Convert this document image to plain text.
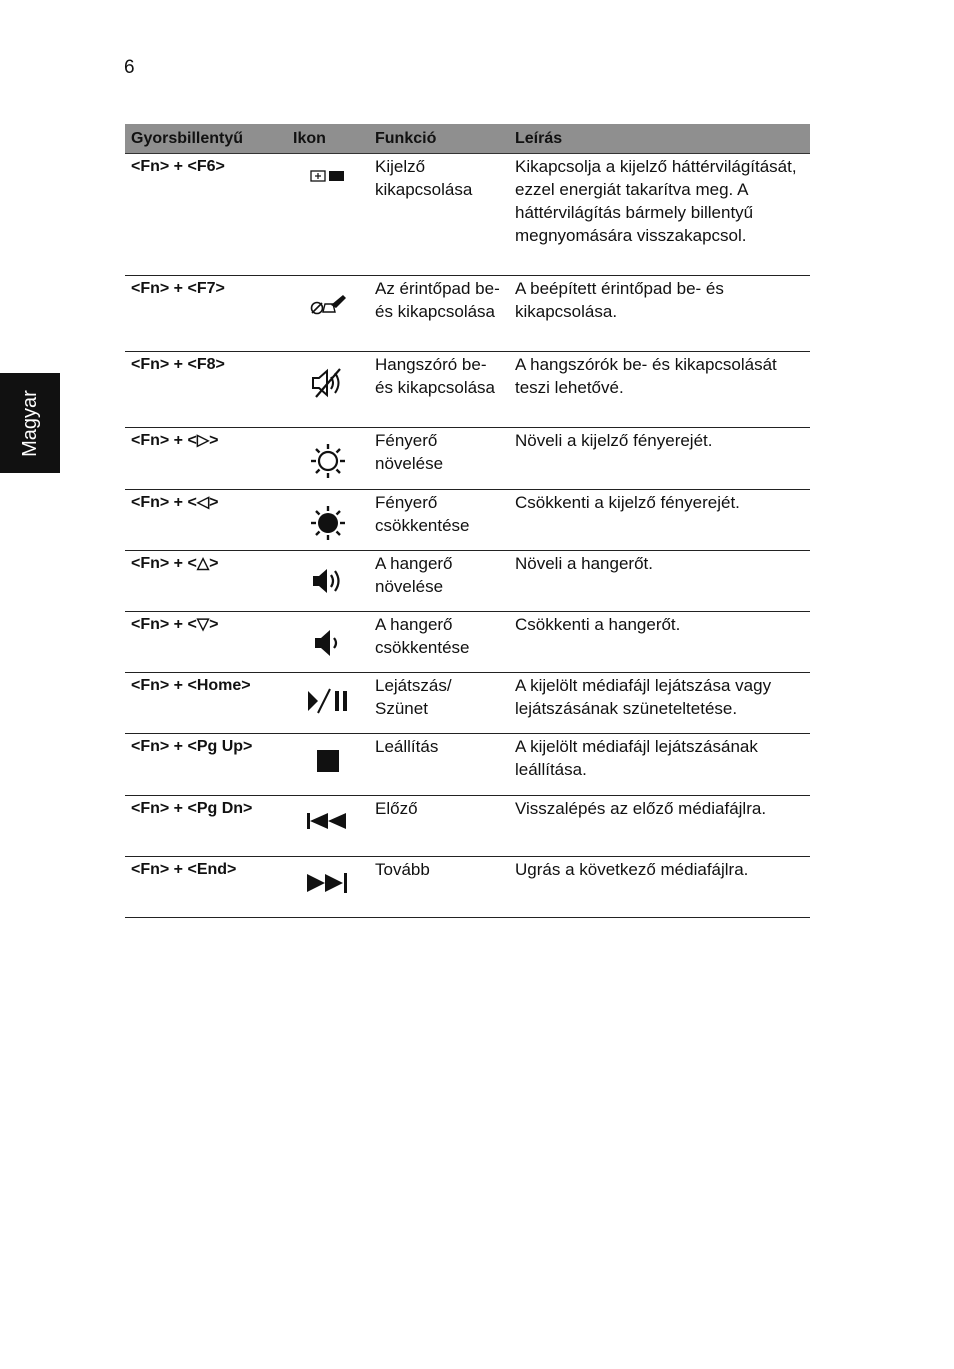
6
Magyar
Gyorsbillentyű	Ikon	Funkció	Leírás
<Fn> + <F6>		Kijelző kikapcsolása	Kikapcsolja a kijelző háttérvilágítását, ezzel energiát takarítva meg. A háttérvilágítás bármely billentyű megnyomására visszakapcsol.
<Fn> + <F7>		Az érintőpad be- és kikapcsolása	A beépített érintőpad be- és kikapcsolása.
<Fn> + <F8>		Hangszóró be- és kikapcsolása	A hangszórók be- és kikapcsolását teszi lehetővé.
<Fn> + <▷>		Fényerő növelése	Növeli a kijelző fényerejét.
<Fn> + <◁>		Fényerő csökkentése	Csökkenti a kijelző fényerejét.
<Fn> + <△>		A hangerő növelése	Növeli a hangerőt.
<Fn> + <▽>		A hangerő csökkentése	Csökkenti a hangerőt.
<Fn> + <Home>		Lejátszás/ Szünet	A kijelölt médiafájl lejátszása vagy lejátszásának szüneteltetése.
<Fn> + <Pg Up>		Leállítás	A kijelölt médiafájl lejátszásának leállítása.
<Fn> + <Pg Dn>		Előző	Visszalépés az előző médiafájlra.
<Fn> + <End>		Tovább	Ugrás a következő médiafájlra.
